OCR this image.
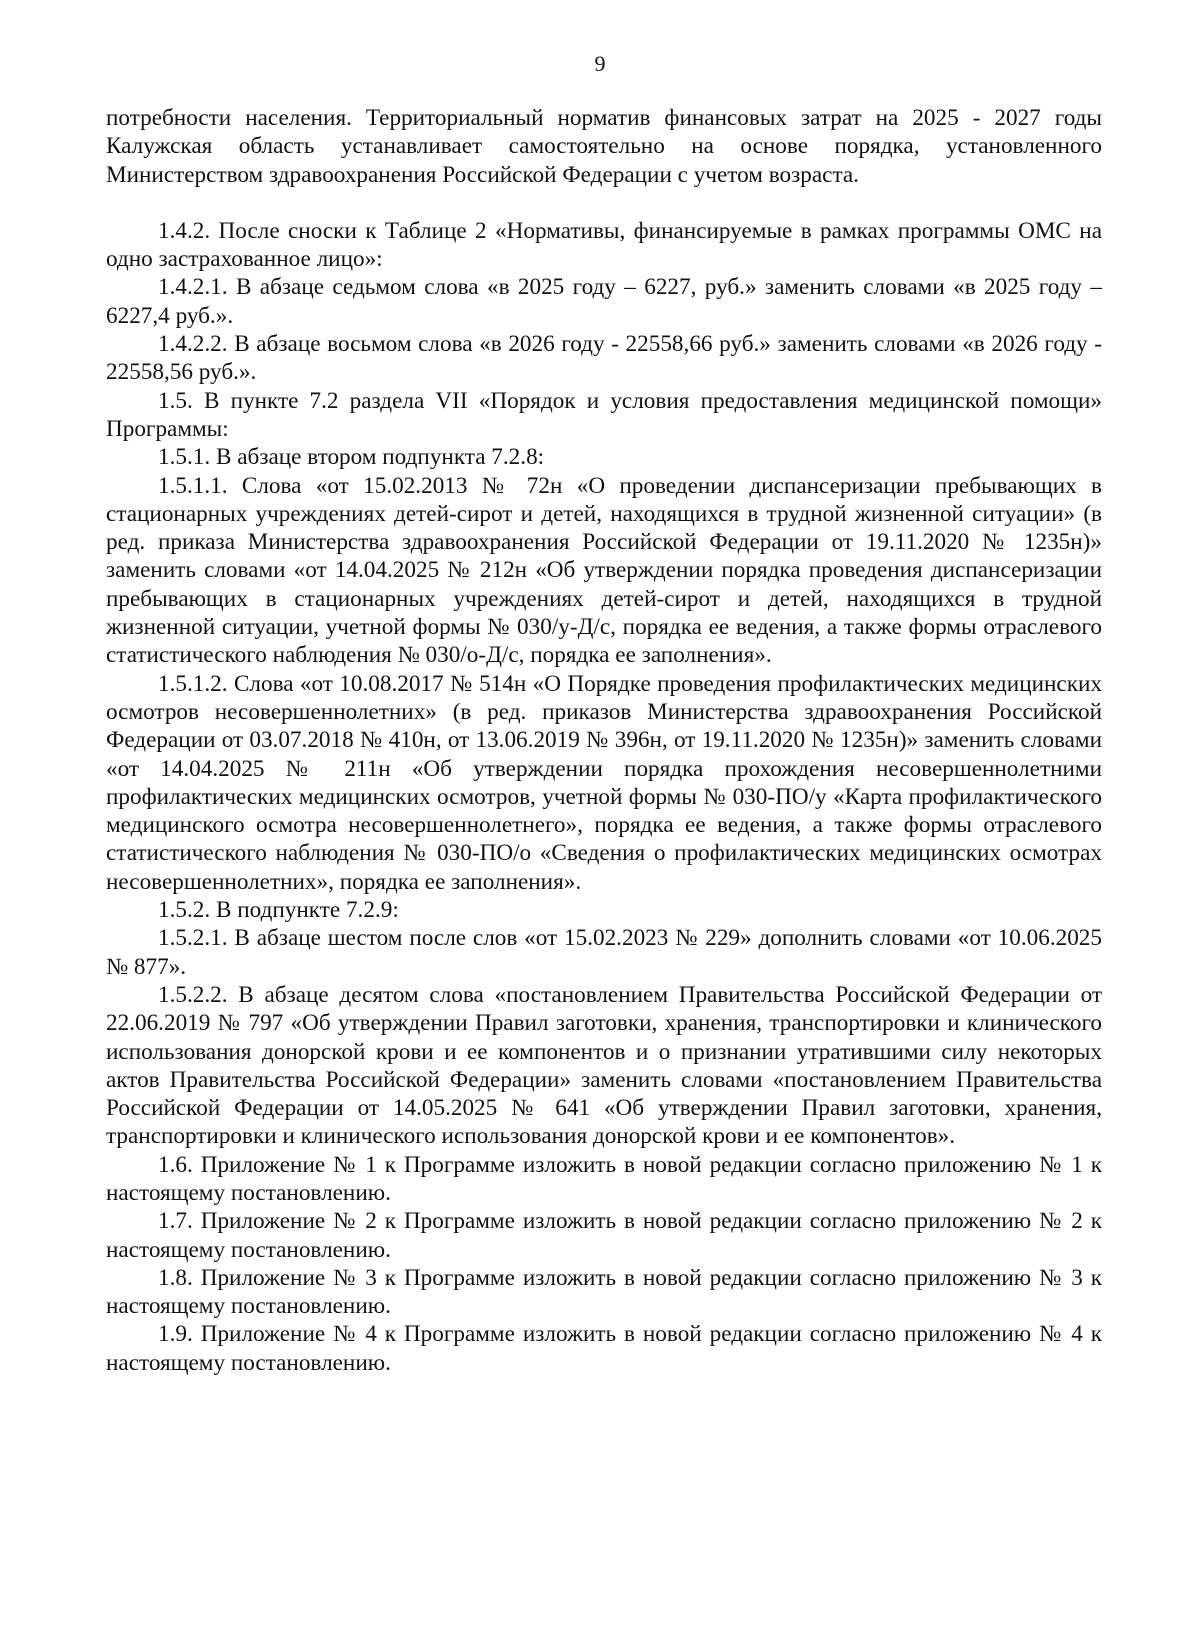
9

потребности населения. Территориальный норматив финансовых затрат на 2025 - 2027 годы Калужская область устанавливает самостоятельно на основе порядка, установленного Министерством здравоохранения Российской Федерации с учетом возраста.

1.4.2. После сноски к Таблице 2 «Нормативы, финансируемые в рамках программы ОМС на одно застрахованное лицо»:

1.4.2.1. В абзаце седьмом слова «в 2025 году – 6227, руб.» заменить словами «в 2025 году – 6227,4 руб.».

1.4.2.2. В абзаце восьмом слова «в 2026 году - 22558,66 руб.» заменить словами «в 2026 году - 22558,56 руб.».

1.5. В пункте 7.2 раздела VII «Порядок и условия предоставления медицинской помощи» Программы:

1.5.1. В абзаце втором подпункта 7.2.8:

1.5.1.1. Слова «от 15.02.2013 № 72н «О проведении диспансеризации пребывающих в стационарных учреждениях детей-сирот и детей, находящихся в трудной жизненной ситуации» (в ред. приказа Министерства здравоохранения Российской Федерации от 19.11.2020 № 1235н)» заменить словами «от 14.04.2025 № 212н «Об утверждении порядка проведения диспансеризации пребывающих в стационарных учреждениях детей-сирот и детей, находящихся в трудной жизненной ситуации, учетной формы № 030/у-Д/с, порядка ее ведения, а также формы отраслевого статистического наблюдения № 030/о-Д/с, порядка ее заполнения».

1.5.1.2. Слова «от 10.08.2017 № 514н «О Порядке проведения профилактических медицинских осмотров несовершеннолетних» (в ред. приказов Министерства здравоохранения Российской Федерации от 03.07.2018 № 410н, от 13.06.2019 № 396н, от 19.11.2020 № 1235н)» заменить словами «от 14.04.2025 № 211н «Об утверждении порядка прохождения несовершеннолетними профилактических медицинских осмотров, учетной формы № 030-ПО/у «Карта профилактического медицинского осмотра несовершеннолетнего», порядка ее ведения, а также формы отраслевого статистического наблюдения № 030-ПО/о «Сведения о профилактических медицинских осмотрах несовершеннолетних», порядка ее заполнения».

1.5.2. В подпункте 7.2.9:

1.5.2.1. В абзаце шестом после слов «от 15.02.2023 № 229» дополнить словами «от 10.06.2025 № 877».

1.5.2.2. В абзаце десятом слова «постановлением Правительства Российской Федерации от 22.06.2019 № 797 «Об утверждении Правил заготовки, хранения, транспортировки и клинического использования донорской крови и ее компонентов и о признании утратившими силу некоторых актов Правительства Российской Федерации» заменить словами «постановлением Правительства Российской Федерации от 14.05.2025 № 641 «Об утверждении Правил заготовки, хранения, транспортировки и клинического использования донорской крови и ее компонентов».

1.6. Приложение № 1 к Программе изложить в новой редакции согласно приложению № 1 к настоящему постановлению.

1.7. Приложение № 2 к Программе изложить в новой редакции согласно приложению № 2 к настоящему постановлению.

1.8. Приложение № 3 к Программе изложить в новой редакции согласно приложению № 3 к настоящему постановлению.

1.9. Приложение № 4 к Программе изложить в новой редакции согласно приложению № 4 к настоящему постановлению.
